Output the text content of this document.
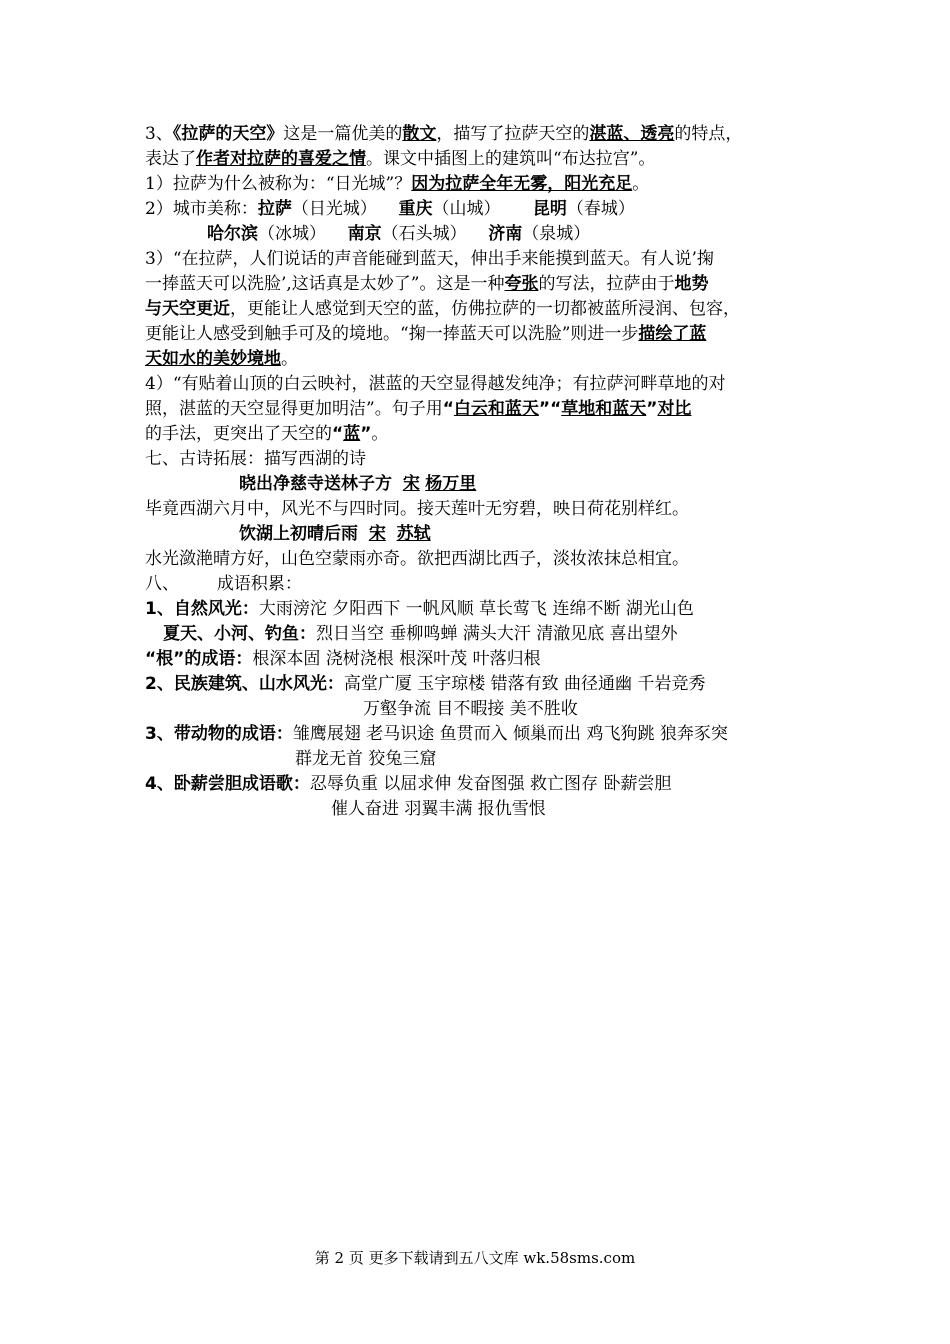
3、《拉萨的天空》这是一篇优美的散文，描写了拉萨天空的湛蓝、透亮的特点，
表达了作者对拉萨的喜爱之情。课文中插图上的建筑叫“布达拉宫”。
1）拉萨为什么被称为：“日光城”？因为拉萨全年无雾，阳光充足。
2）城市美称：拉萨（日光城） 重庆（山城） 昆明（春城）
哈尔滨（冰城） 南京（石头城） 济南（泉城）
3）“在拉萨，人们说话的声音能碰到蓝天，伸出手来能摸到蓝天。有人说’掬
一捧蓝天可以洗脸’,这话真是太妙了”。这是一种夸张的写法，拉萨由于地势
与天空更近，更能让人感觉到天空的蓝，仿佛拉萨的一切都被蓝所浸润、包容，
更能让人感受到触手可及的境地。“掬一捧蓝天可以洗脸”则进一步描绘了蓝
天如水的美妙境地。
4）“有贴着山顶的白云映衬，湛蓝的天空显得越发纯净；有拉萨河畔草地的对
照，湛蓝的天空显得更加明洁”。句子用“白云和蓝天”“草地和蓝天”对比
的手法，更突出了天空的“蓝”。
七、古诗拓展：描写西湖的诗
晓出净慈寺送林子方 宋 杨万里
毕竟西湖六月中，风光不与四时同。接天莲叶无穷碧，映日荷花别样红。
饮湖上初晴后雨 宋 苏轼
水光潋滟晴方好，山色空蒙雨亦奇。欲把西湖比西子，淡妆浓抹总相宜。
八、 成语积累：
1、自然风光：大雨滂沱 夕阳西下 一帆风顺 草长莺飞 连绵不断 湖光山色
夏天、小河、钓鱼：烈日当空 垂柳鸣蝉 满头大汗 清澈见底 喜出望外
“根”的成语：根深本固 浇树浇根 根深叶茂 叶落归根
2、民族建筑、山水风光：高堂广厦 玉宇琼楼 错落有致 曲径通幽 千岩竞秀
万壑争流 目不暇接 美不胜收
3、带动物的成语：雏鹰展翅 老马识途 鱼贯而入 倾巢而出 鸡飞狗跳 狼奔豕突
群龙无首 狡兔三窟
4、卧薪尝胆成语歌：忍辱负重 以屈求伸 发奋图强 救亡图存 卧薪尝胆
催人奋进 羽翼丰满 报仇雪恨
第 2 页 更多下载请到五八文库 wk.58sms.com
